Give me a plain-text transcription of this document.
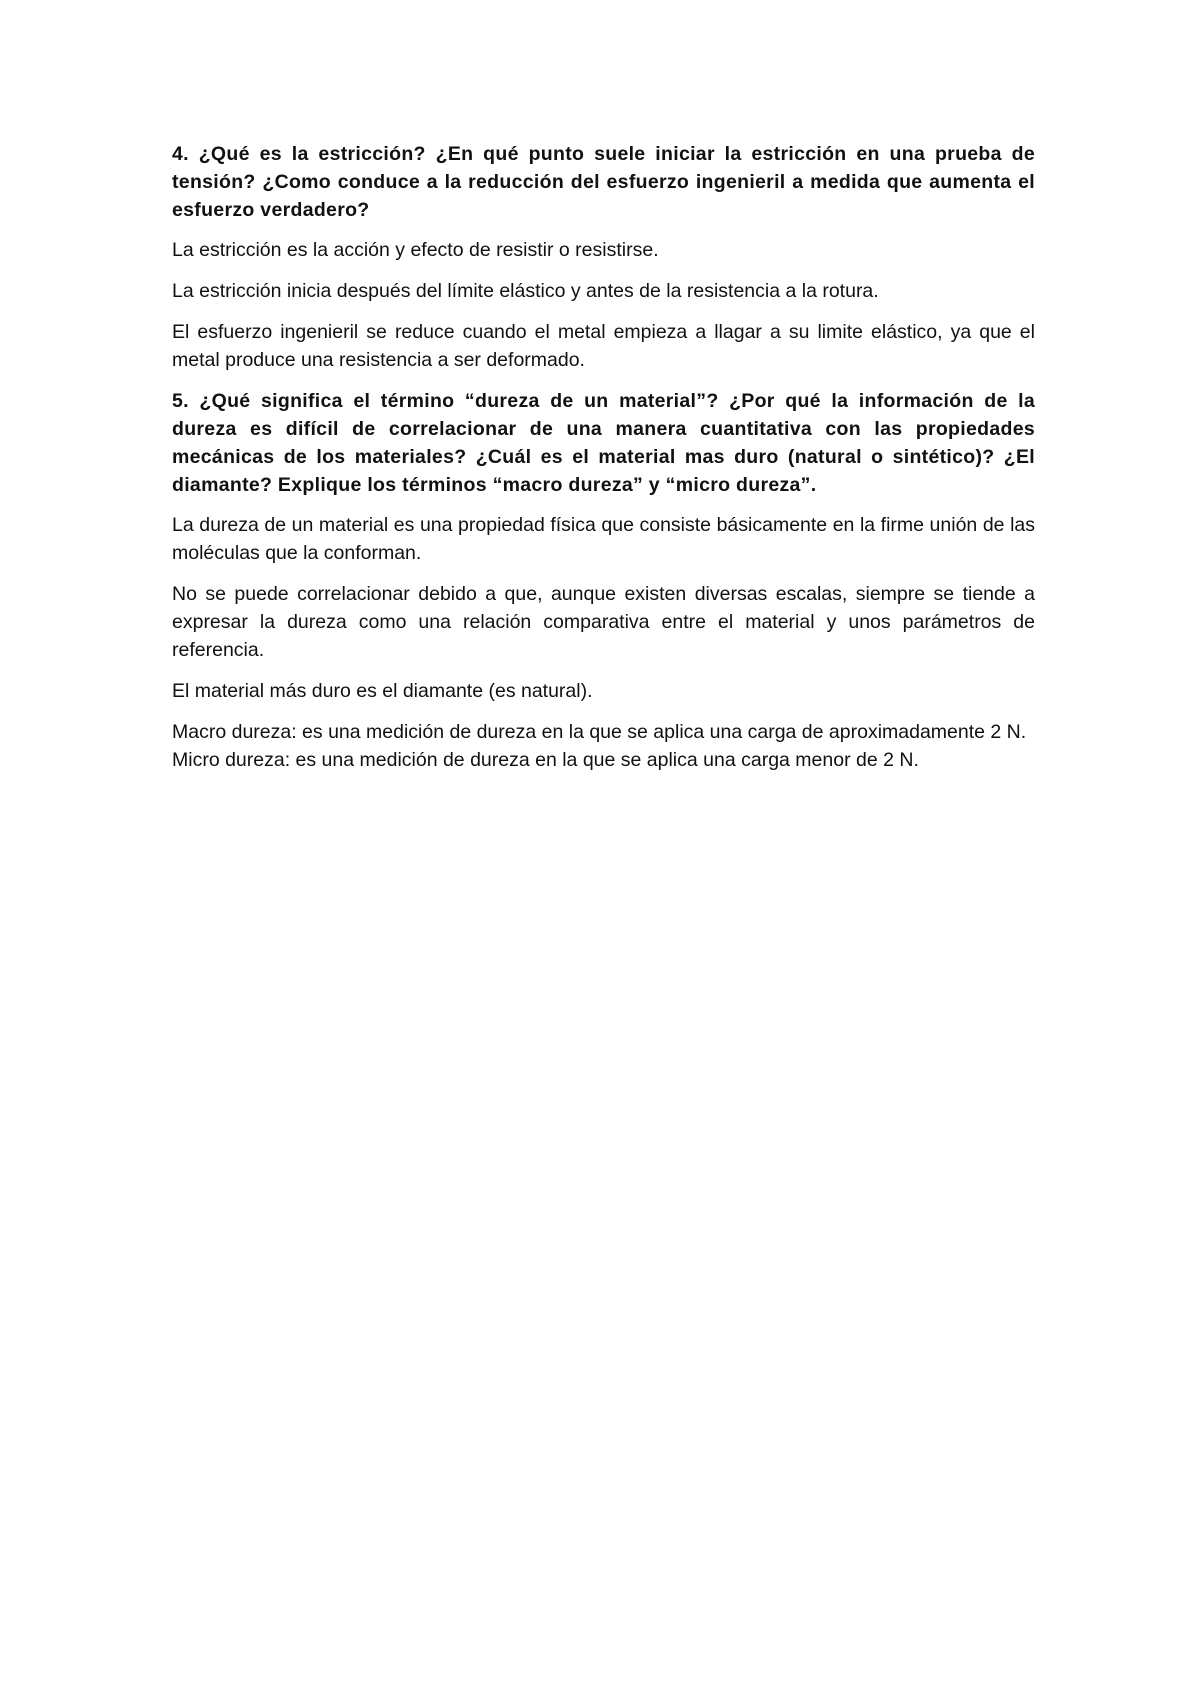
4. ¿Qué es la estricción? ¿En qué punto suele iniciar la estricción en una prueba de tensión? ¿Como conduce a la reducción del esfuerzo ingenieril a medida que aumenta el esfuerzo verdadero?

La estricción es la acción y efecto de resistir o resistirse.

La estricción inicia después del límite elástico y antes de la resistencia a la rotura.

El esfuerzo ingenieril se reduce cuando el metal empieza a llagar a su limite elástico, ya que el metal produce una resistencia a ser deformado.

5. ¿Qué significa el término “dureza de un material”? ¿Por qué la información de la dureza es difícil de correlacionar de una manera cuantitativa con las propiedades mecánicas de los materiales? ¿Cuál es el material mas duro (natural o sintético)? ¿El diamante? Explique los términos “macro dureza” y “micro dureza”.

La dureza de un material es una propiedad física que consiste básicamente en la firme unión de las moléculas que la conforman.

No se puede correlacionar debido a que, aunque existen diversas escalas, siempre se tiende a expresar la dureza como una relación comparativa entre el material y unos parámetros de referencia.

El material más duro es el diamante (es natural).

Macro dureza: es una medición de dureza en la que se aplica una carga de aproximadamente 2 N.

Micro dureza: es una medición de dureza en la que se aplica una carga menor de 2 N.
